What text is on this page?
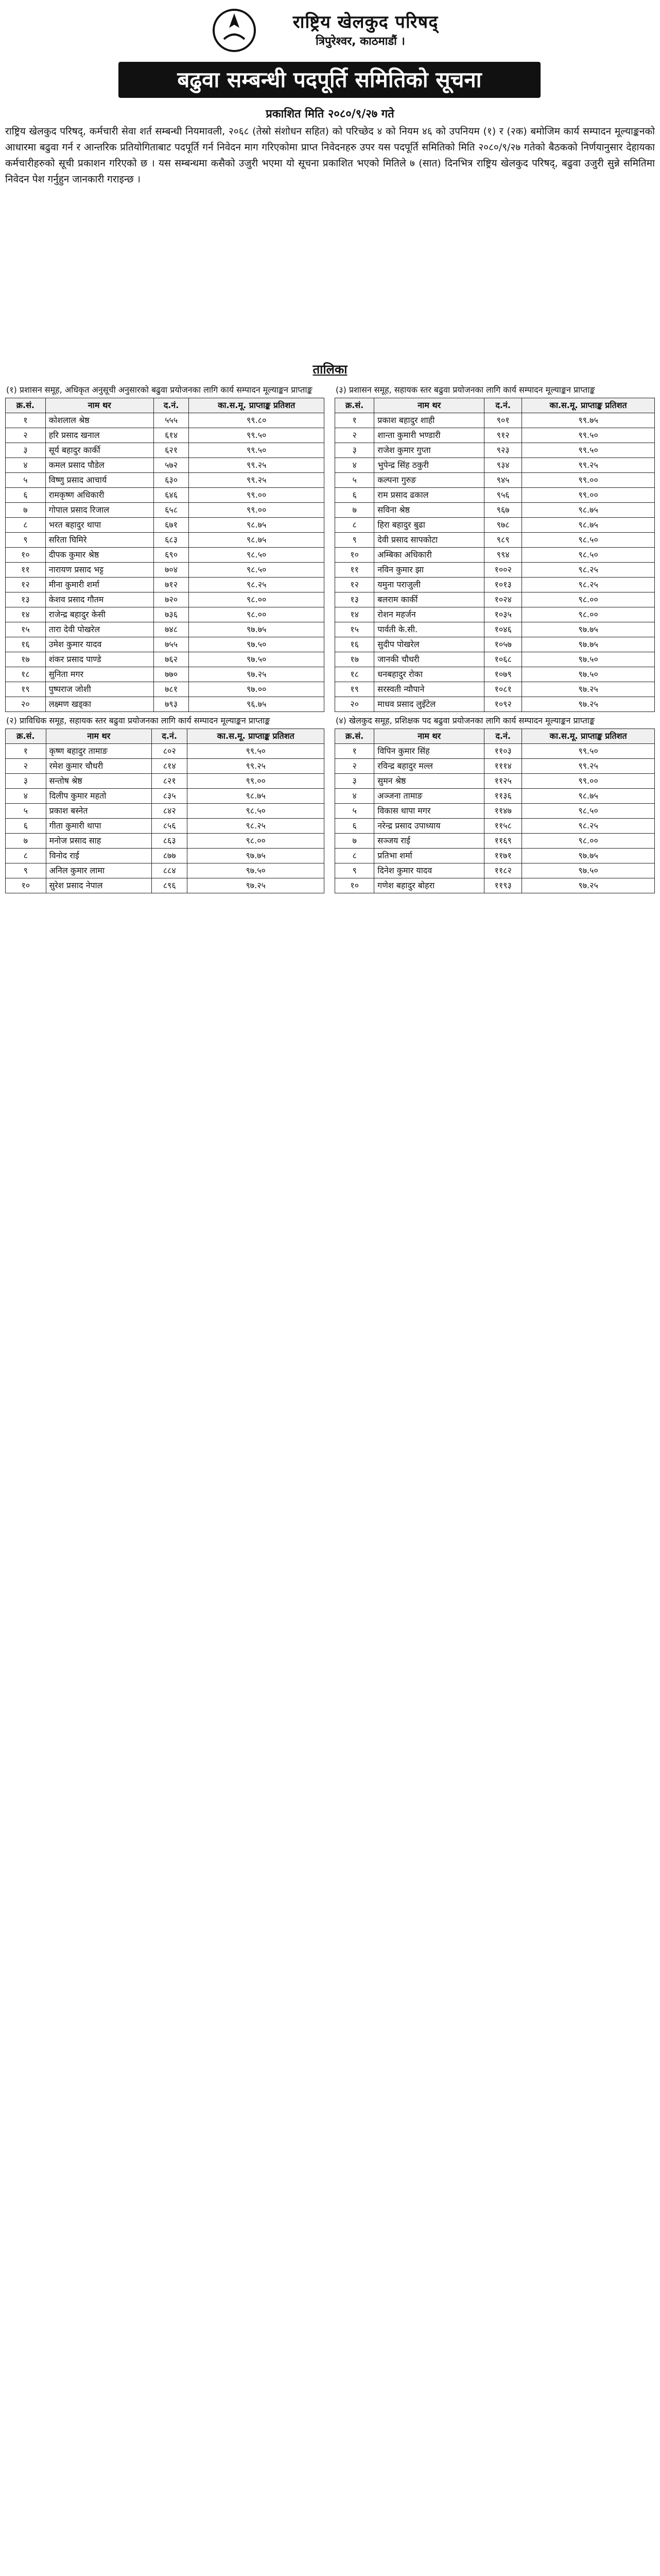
राष्ट्रिय खेलकुद परिषद्
त्रिपुरेश्वर, काठमाडौं ।
बढुवा सम्बन्धी पदपूर्ति समितिको सूचना
प्रकाशित मिति २०८०/९/२७ गते
राष्ट्रिय खेलकुद परिषद्, कर्मचारी सेवा शर्त सम्बन्धी नियमावली, २०६८ (तेस्रो संशोधन सहित) को परिच्छेद ४ को नियम ४६ को उपनियम (१) र (२क) बमोजिम कार्य सम्पादन मूल्याङ्कनको आधारमा बढुवा गर्न र आन्तरिक प्रतियोगिताबाट पदपूर्ति गर्न निवेदन माग गरिएकोमा प्राप्त निवेदनहरु उपर यस पदपूर्ति समितिको मिति २०८०/९/२७ गतेको बैठकको निर्णयानुसार देहायका कर्मचारीहरुको सूची प्रकाशन गरिएको छ । यस सम्बन्धमा कसैको उजुरी भएमा यो सूचना प्रकाशित भएको मितिले ७ (सात) दिनभित्र राष्ट्रिय खेलकुद परिषद्, बढुवा उजुरी सुन्ने समितिमा निवेदन पेश गर्नुहुन जानकारी गराइन्छ ।
तालिका
(१) प्रशासन समूह, अधिकृत अनुसूची अनुसारको बढुवा प्रयोजनका लागि कार्य सम्पादन मूल्याङ्कन प्राप्ताङ्क
क्र.सं.	नाम थर	द.नं.	का.स.मू. प्राप्ताङ्क प्रतिशत
१	कोशलाल श्रेष्ठ	५५५	९९.८०
२	हरि प्रसाद खनाल	६१४	९९.५०
३	सूर्य बहादुर कार्की	६२१	९९.५०
४	कमल प्रसाद पौडेल	५७२	९९.२५
५	विष्णु प्रसाद आचार्य	६३०	९९.२५
६	रामकृष्ण अधिकारी	६४६	९९.००
७	गोपाल प्रसाद रिजाल	६५८	९९.००
८	भरत बहादुर थापा	६७१	९८.७५
९	सरिता घिमिरे	६८३	९८.७५
१०	दीपक कुमार श्रेष्ठ	६९०	९८.५०
११	नारायण प्रसाद भट्ट	७०४	९८.५०
१२	मीना कुमारी शर्मा	७१२	९८.२५
१३	केशव प्रसाद गौतम	७२०	९८.००
१४	राजेन्द्र बहादुर केसी	७३६	९८.००
१५	तारा देवी पोखरेल	७४८	९७.७५
१६	उमेश कुमार यादव	७५५	९७.५०
१७	शंकर प्रसाद पाण्डे	७६२	९७.५०
१८	सुनिता मगर	७७०	९७.२५
१९	पुष्पराज जोशी	७८१	९७.००
२०	लक्ष्मण खड्का	७९३	९६.७५
(२) प्राविधिक समूह, सहायक स्तर बढुवा प्रयोजनका लागि कार्य सम्पादन मूल्याङ्कन प्राप्ताङ्क
क्र.सं.	नाम थर	द.नं.	का.स.मू. प्राप्ताङ्क प्रतिशत
१	कृष्ण बहादुर तामाङ	८०२	९९.५०
२	रमेश कुमार चौधरी	८१४	९९.२५
३	सन्तोष श्रेष्ठ	८२१	९९.००
४	दिलीप कुमार महतो	८३५	९८.७५
५	प्रकाश बस्नेत	८४२	९८.५०
६	गीता कुमारी थापा	८५६	९८.२५
७	मनोज प्रसाद साह	८६३	९८.००
८	विनोद राई	८७७	९७.७५
९	अनिल कुमार लामा	८८४	९७.५०
१०	सुरेश प्रसाद नेपाल	८९६	९७.२५
(३) प्रशासन समूह, सहायक स्तर बढुवा प्रयोजनका लागि कार्य सम्पादन मूल्याङ्कन प्राप्ताङ्क
क्र.सं.	नाम थर	द.नं.	का.स.मू. प्राप्ताङ्क प्रतिशत
१	प्रकाश बहादुर शाही	९०१	९९.७५
२	शान्ता कुमारी भण्डारी	९१२	९९.५०
३	राजेश कुमार गुप्ता	९२३	९९.५०
४	भुपेन्द्र सिंह ठकुरी	९३४	९९.२५
५	कल्पना गुरुङ	९४५	९९.००
६	राम प्रसाद ढकाल	९५६	९९.००
७	सविना श्रेष्ठ	९६७	९८.७५
८	हिरा बहादुर बुढा	९७८	९८.७५
९	देवी प्रसाद सापकोटा	९८९	९८.५०
१०	अम्बिका अधिकारी	९९४	९८.५०
११	नविन कुमार झा	१००२	९८.२५
१२	यमुना पराजुली	१०१३	९८.२५
१३	बलराम कार्की	१०२४	९८.००
१४	रोशन महर्जन	१०३५	९८.००
१५	पार्वती के.सी.	१०४६	९७.७५
१६	सुदीप पोखरेल	१०५७	९७.७५
१७	जानकी चौधरी	१०६८	९७.५०
१८	धनबहादुर रोका	१०७९	९७.५०
१९	सरस्वती न्यौपाने	१०८१	९७.२५
२०	माधव प्रसाद लुइँटेल	१०९२	९७.२५
(४) खेलकुद समूह, प्रशिक्षक पद बढुवा प्रयोजनका लागि कार्य सम्पादन मूल्याङ्कन प्राप्ताङ्क
क्र.सं.	नाम थर	द.नं.	का.स.मू. प्राप्ताङ्क प्रतिशत
१	विपिन कुमार सिंह	११०३	९९.५०
२	रविन्द्र बहादुर मल्ल	१११४	९९.२५
३	सुमन श्रेष्ठ	११२५	९९.००
४	अञ्जना तामाङ	११३६	९८.७५
५	विकास थापा मगर	११४७	९८.५०
६	नरेन्द्र प्रसाद उपाध्याय	११५८	९८.२५
७	सञ्जय राई	११६९	९८.००
८	प्रतिभा शर्मा	११७१	९७.७५
९	दिनेश कुमार यादव	११८२	९७.५०
१०	गणेश बहादुर बोहरा	११९३	९७.२५
